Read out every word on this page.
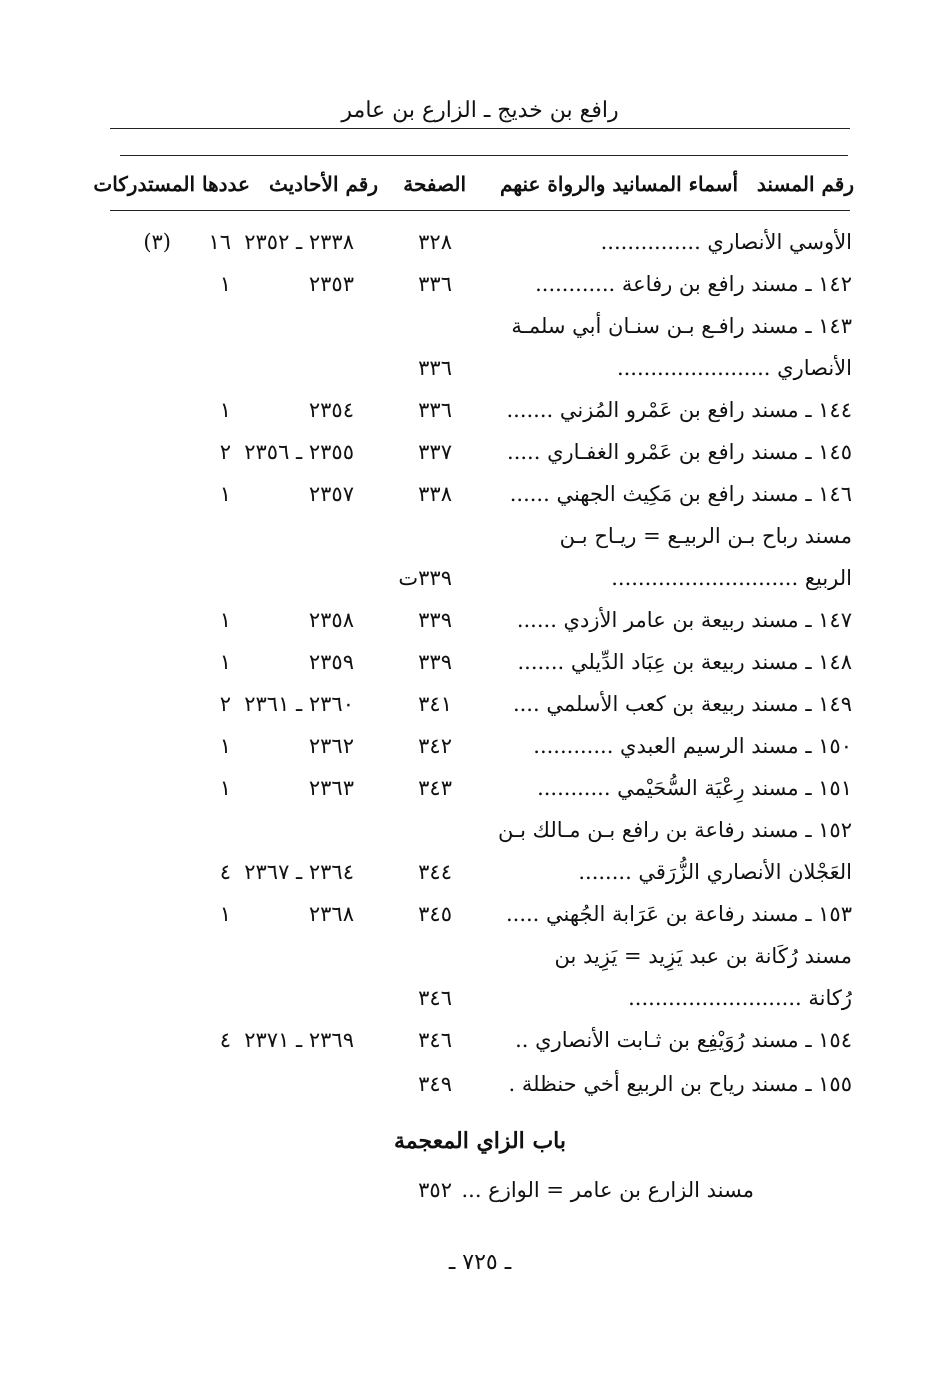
رافع بن خديج ـ الزارع بن عامر
رقم المسند
أسماء المسانيد والرواة عنهم
الصفحة
رقم الأحاديث
عددها المستدركات
الأوسي الأنصاري ...............
٣٢٨
٢٣٣٨ ـ ٢٣٥٢
١٦
(٣)
١٤٢ ـ مسند رافع بن رفاعة ............
٣٣٦
٢٣٥٣
١
١٤٣ ـ مسند رافـع بـن سنـان أبي سلمـة
الأنصاري .......................
٣٣٦
١٤٤ ـ مسند رافع بن عَمْرو المُزني .......
٣٣٦
٢٣٥٤
١
١٤٥ ـ مسند رافع بن عَمْرو الغفـاري .....
٣٣٧
٢٣٥٥ ـ ٢٣٥٦
٢
١٤٦ ـ مسند رافع بن مَكِيث الجهني ......
٣٣٨
٢٣٥٧
١
مسند رباح بـن الربيـع = ريـاح بـن
الربيع ............................
٣٣٩ت
١٤٧ ـ مسند ربيعة بن عامر الأزدي ......
٣٣٩
٢٣٥٨
١
١٤٨ ـ مسند ربيعة بن عِبَاد الدِّيلي .......
٣٣٩
٢٣٥٩
١
١٤٩ ـ مسند ربيعة بن كعب الأسلمي ....
٣٤١
٢٣٦٠ ـ ٢٣٦١
٢
١٥٠ ـ مسند الرسيم العبدي ............
٣٤٢
٢٣٦٢
١
١٥١ ـ مسند رِعْيَة السُّحَيْمي ...........
٣٤٣
٢٣٦٣
١
١٥٢ ـ مسند رفاعة بن رافع بـن مـالك بـن
العَجْلان الأنصاري الزُّرَقي ........
٣٤٤
٢٣٦٤ ـ ٢٣٦٧
٤
١٥٣ ـ مسند رفاعة بن عَرَابة الجُهني .....
٣٤٥
٢٣٦٨
١
مسند رُكَانة بن عبد يَزِيد = يَزِيد بن
رُكانة ..........................
٣٤٦
١٥٤ ـ مسند رُوَيْفِع بن ثـابت الأنصاري ..
٣٤٦
٢٣٦٩ ـ ٢٣٧١
٤
١٥٥ ـ مسند رياح بن الربيع أخي حنظلة .
٣٤٩
باب الزاي المعجمة
مسند الزارع بن عامر = الوازع ...
٣٥٢
ـ ٧٢٥ ـ
